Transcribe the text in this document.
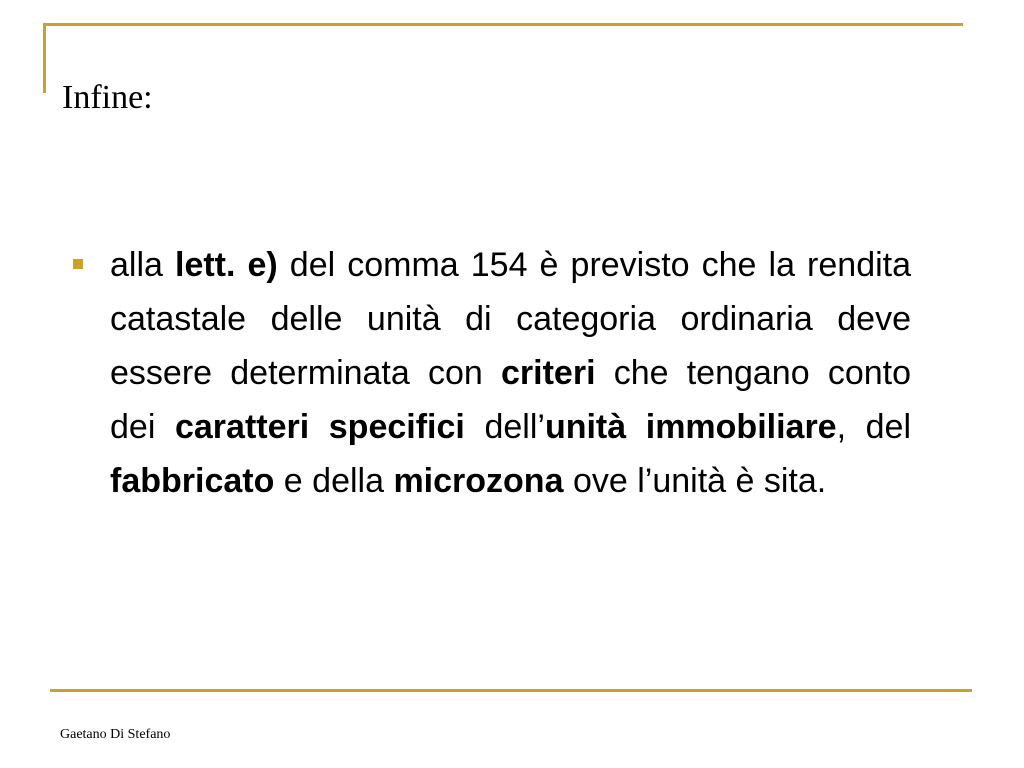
Infine:

alla lett. e) del comma 154 è previsto che la rendita catastale delle unità di categoria ordinaria deve essere determinata con criteri che tengano conto dei caratteri specifici dell’unità immobiliare, del fabbricato e della microzona ove l’unità è sita.

Gaetano Di Stefano
